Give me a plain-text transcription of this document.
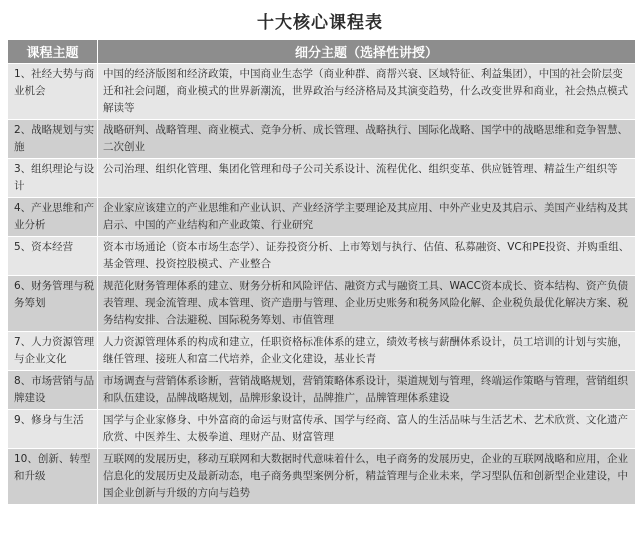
十大核心课程表
课程主题	细分主题（选择性讲授）
1、社经大势与商业机会	中国的经济版图和经济政策，中国商业生态学（商业种群、商帮兴衰、区域特征、利益集团），中国的社会阶层变迁和社会问题，商业模式的世界新潮流，世界政治与经济格局及其演变趋势，什么改变世界和商业，社会热点模式解读等
2、战略规划与实施	战略研判、战略管理、商业模式、竞争分析、成长管理、战略执行、国际化战略、国学中的战略思维和竞争智慧、二次创业
3、组织理论与设计	公司治理、组织化管理、集团化管理和母子公司关系设计、流程优化、组织变革、供应链管理、精益生产组织等
4、产业思维和产业分析	企业家应该建立的产业思维和产业认识、产业经济学主要理论及其应用、中外产业史及其启示、美国产业结构及其启示、中国的产业结构和产业政策、行业研究
5、资本经营	资本市场通论（资本市场生态学）、证券投资分析、上市筹划与执行、估值、私募融资、VC和PE投资、并购重组、基金管理、投资控股模式、产业整合
6、财务管理与税务筹划	规范化财务管理体系的建立、财务分析和风险评估、融资方式与融资工具、WACC资本成长、资本结构、资产负债表管理、现金流管理、成本管理、资产造册与管理、企业历史账务和税务风险化解、企业税负最优化解决方案、税务结构安排、合法避税、国际税务筹划、市值管理
7、人力资源管理与企业文化	人力资源管理体系的构成和建立，任职资格标准体系的建立，绩效考核与薪酬体系设计，员工培训的计划与实施，继任管理、接班人和富二代培养，企业文化建设，基业长青
8、市场营销与品牌建设	市场调查与营销体系诊断，营销战略规划，营销策略体系设计，渠道规划与管理，终端运作策略与管理，营销组织和队伍建设，品牌战略规划，品牌形象设计，品牌推广，品牌管理体系建设
9、修身与生活	国学与企业家修身、中外富商的命运与财富传承、国学与经商、富人的生活品味与生活艺术、艺术欣赏、文化遗产欣赏、中医养生、太极拳道、理财产品、财富管理
10、创新、转型和升级	互联网的发展历史，移动互联网和大数据时代意味着什么，电子商务的发展历史，企业的互联网战略和应用，企业信息化的发展历史及最新动态，电子商务典型案例分析，精益管理与企业未来，学习型队伍和创新型企业建设，中国企业创新与升级的方向与趋势
